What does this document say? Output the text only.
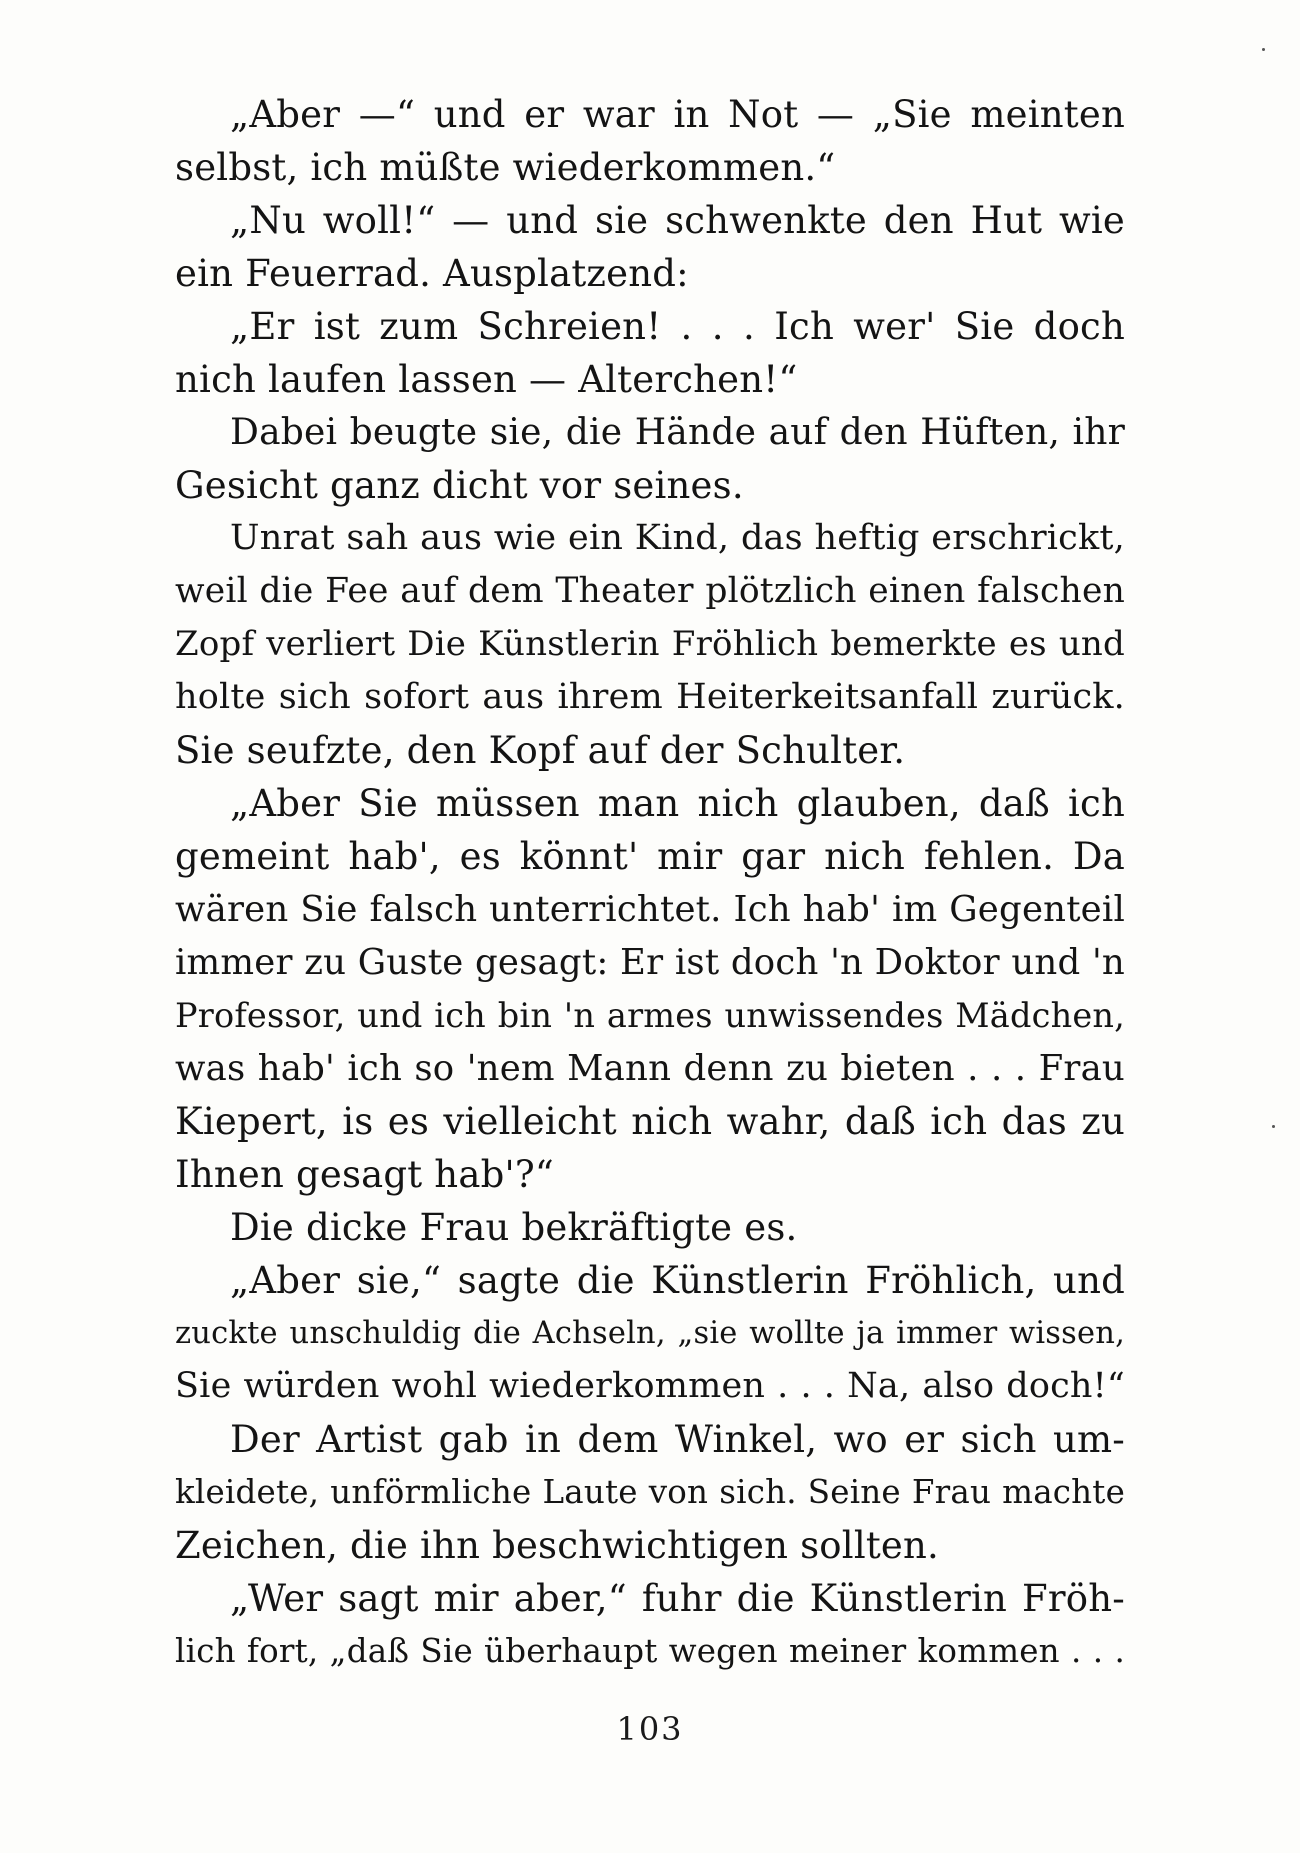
„Aber —“ und er war in Not — „Sie meinten
selbst, ich müßte wiederkommen.“
„Nu woll!“ — und sie schwenkte den Hut wie
ein Feuerrad. Ausplatzend:
„Er ist zum Schreien! . . . Ich wer' Sie doch
nich laufen lassen — Alterchen!“
Dabei beugte sie, die Hände auf den Hüften, ihr
Gesicht ganz dicht vor seines.
Unrat sah aus wie ein Kind, das heftig erschrickt,
weil die Fee auf dem Theater plötzlich einen falschen
Zopf verliert Die Künstlerin Fröhlich bemerkte es und
holte sich sofort aus ihrem Heiterkeitsanfall zurück.
Sie seufzte, den Kopf auf der Schulter.
„Aber Sie müssen man nich glauben, daß ich
gemeint hab', es könnt' mir gar nich fehlen. Da
wären Sie falsch unterrichtet. Ich hab' im Gegenteil
immer zu Guste gesagt: Er ist doch 'n Doktor und 'n
Professor, und ich bin 'n armes unwissendes Mädchen,
was hab' ich so 'nem Mann denn zu bieten . . . Frau
Kiepert, is es vielleicht nich wahr, daß ich das zu
Ihnen gesagt hab'?“
Die dicke Frau bekräftigte es.
„Aber sie,“ sagte die Künstlerin Fröhlich, und
zuckte unschuldig die Achseln, „sie wollte ja immer wissen,
Sie würden wohl wiederkommen . . . Na, also doch!“
Der Artist gab in dem Winkel, wo er sich um-
kleidete, unförmliche Laute von sich. Seine Frau machte
Zeichen, die ihn beschwichtigen sollten.
„Wer sagt mir aber,“ fuhr die Künstlerin Fröh-
lich fort, „daß Sie überhaupt wegen meiner kommen . . .
103
